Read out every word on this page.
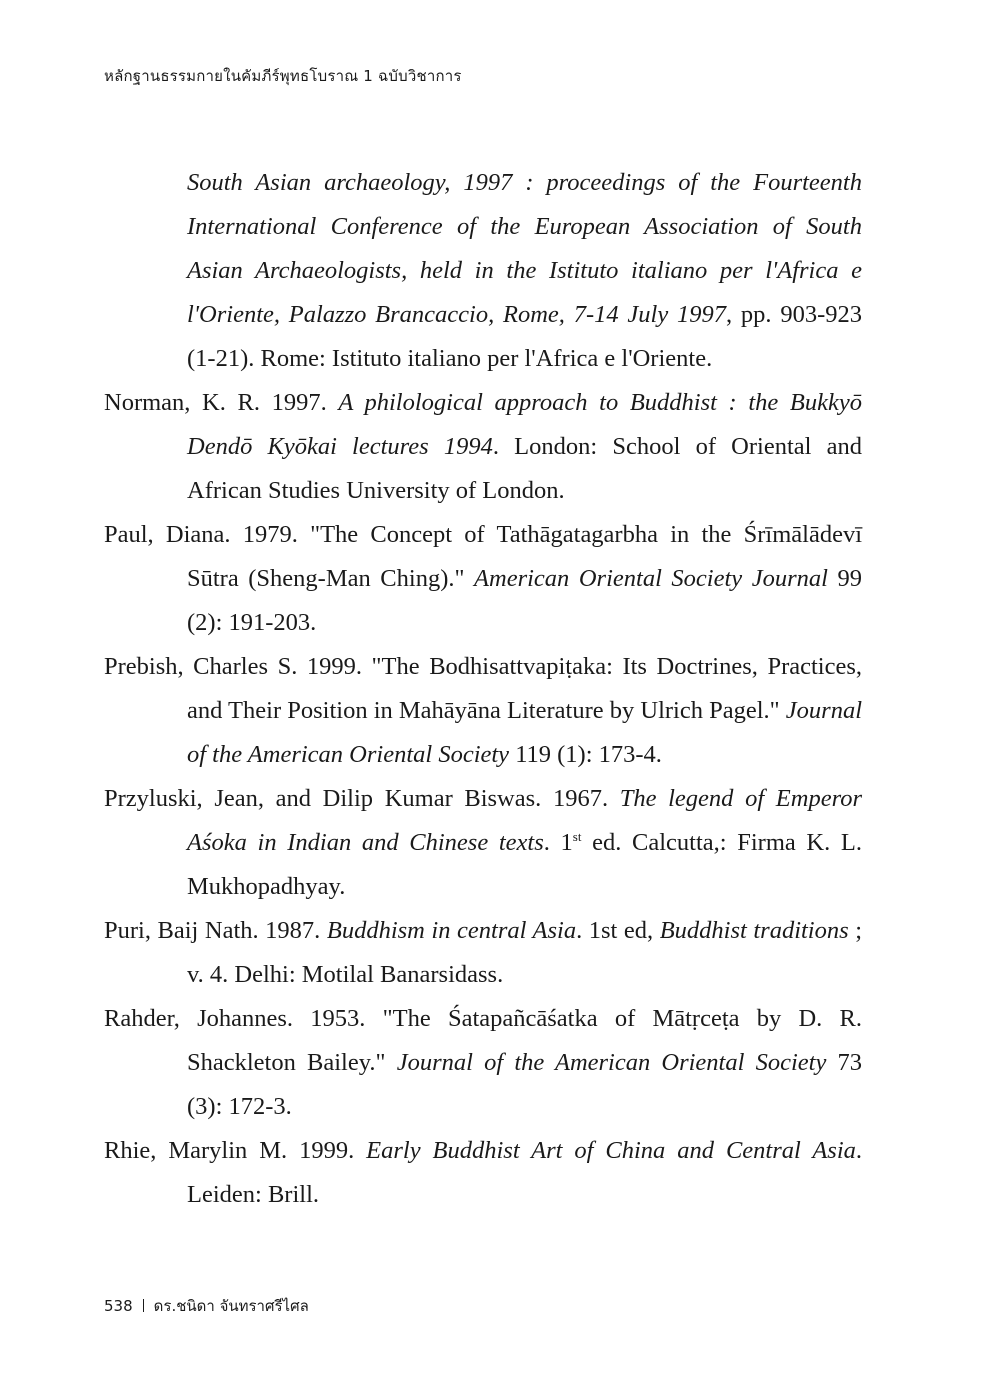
หลักฐานธรรมกายในคัมภีร์พุทธโบราณ 1 ฉบับวิชาการ
South Asian archaeology, 1997 : proceedings of the Fourteenth International Conference of the European Association of South Asian Archaeologists, held in the Istituto italiano per l'Africa e l'Oriente, Palazzo Brancaccio, Rome, 7-14 July 1997, pp. 903-923 (1-21). Rome: Istituto italiano per l'Africa e l'Oriente.
Norman, K. R. 1997. A philological approach to Buddhist : the Bukkyō Dendō Kyōkai lectures 1994. London: School of Oriental and African Studies University of London.
Paul, Diana. 1979. "The Concept of Tathāgatagarbha in the Śrīmālādevī Sūtra (Sheng-Man Ching)." American Oriental Society Journal 99 (2): 191-203.
Prebish, Charles S. 1999. "The Bodhisattvapiṭaka: Its Doctrines, Practices, and Their Position in Mahāyāna Literature by Ulrich Pagel." Journal of the American Oriental Society 119 (1): 173-4.
Przyluski, Jean, and Dilip Kumar Biswas. 1967. The legend of Emperor Aśoka in Indian and Chinese texts. 1st ed. Calcutta,: Firma K. L. Mukhopadhyay.
Puri, Baij Nath. 1987. Buddhism in central Asia. 1st ed, Buddhist traditions ; v. 4. Delhi: Motilal Banarsidass.
Rahder, Johannes. 1953. "The Śatapañcāśatka of Mātṛceṭa by D. R. Shackleton Bailey." Journal of the American Oriental Society 73 (3): 172-3.
Rhie, Marylin M. 1999. Early Buddhist Art of China and Central Asia. Leiden: Brill.
538 ดร.ชนิดา จันทราศรีไศล
